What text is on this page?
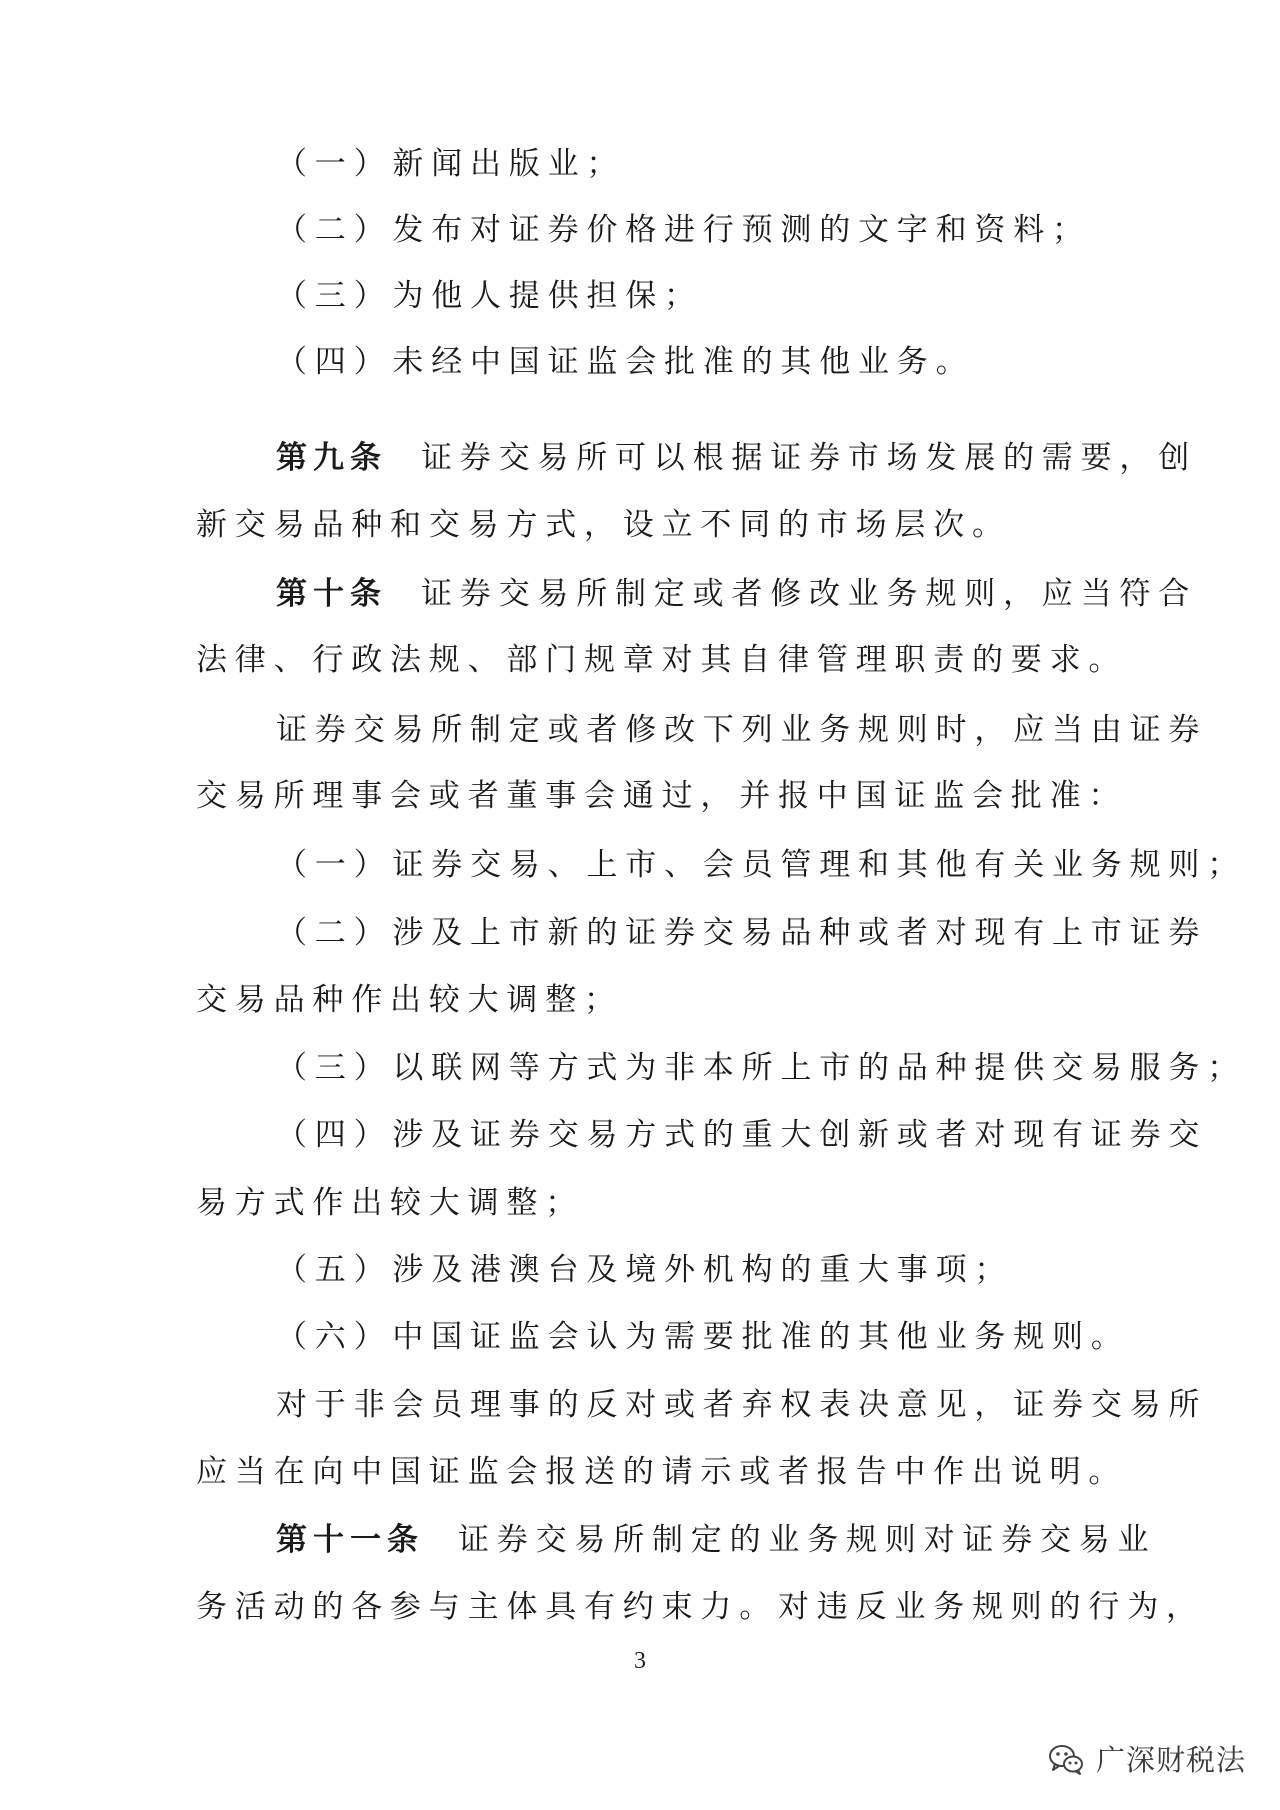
（一）新闻出版业；

（二）发布对证券价格进行预测的文字和资料；

（三）为他人提供担保；

（四）未经中国证监会批准的其他业务。

第九条 证券交易所可以根据证券市场发展的需要，创

新交易品种和交易方式，设立不同的市场层次。

第十条 证券交易所制定或者修改业务规则，应当符合

法律、行政法规、部门规章对其自律管理职责的要求。

证券交易所制定或者修改下列业务规则时，应当由证券

交易所理事会或者董事会通过，并报中国证监会批准：

（一）证券交易、上市、会员管理和其他有关业务规则；

（二）涉及上市新的证券交易品种或者对现有上市证券

交易品种作出较大调整；

（三）以联网等方式为非本所上市的品种提供交易服务；

（四）涉及证券交易方式的重大创新或者对现有证券交

易方式作出较大调整；

（五）涉及港澳台及境外机构的重大事项；

（六）中国证监会认为需要批准的其他业务规则。

对于非会员理事的反对或者弃权表决意见，证券交易所

应当在向中国证监会报送的请示或者报告中作出说明。

第十一条 证券交易所制定的业务规则对证券交易业

务活动的各参与主体具有约束力。对违反业务规则的行为，

3
广深财税法
